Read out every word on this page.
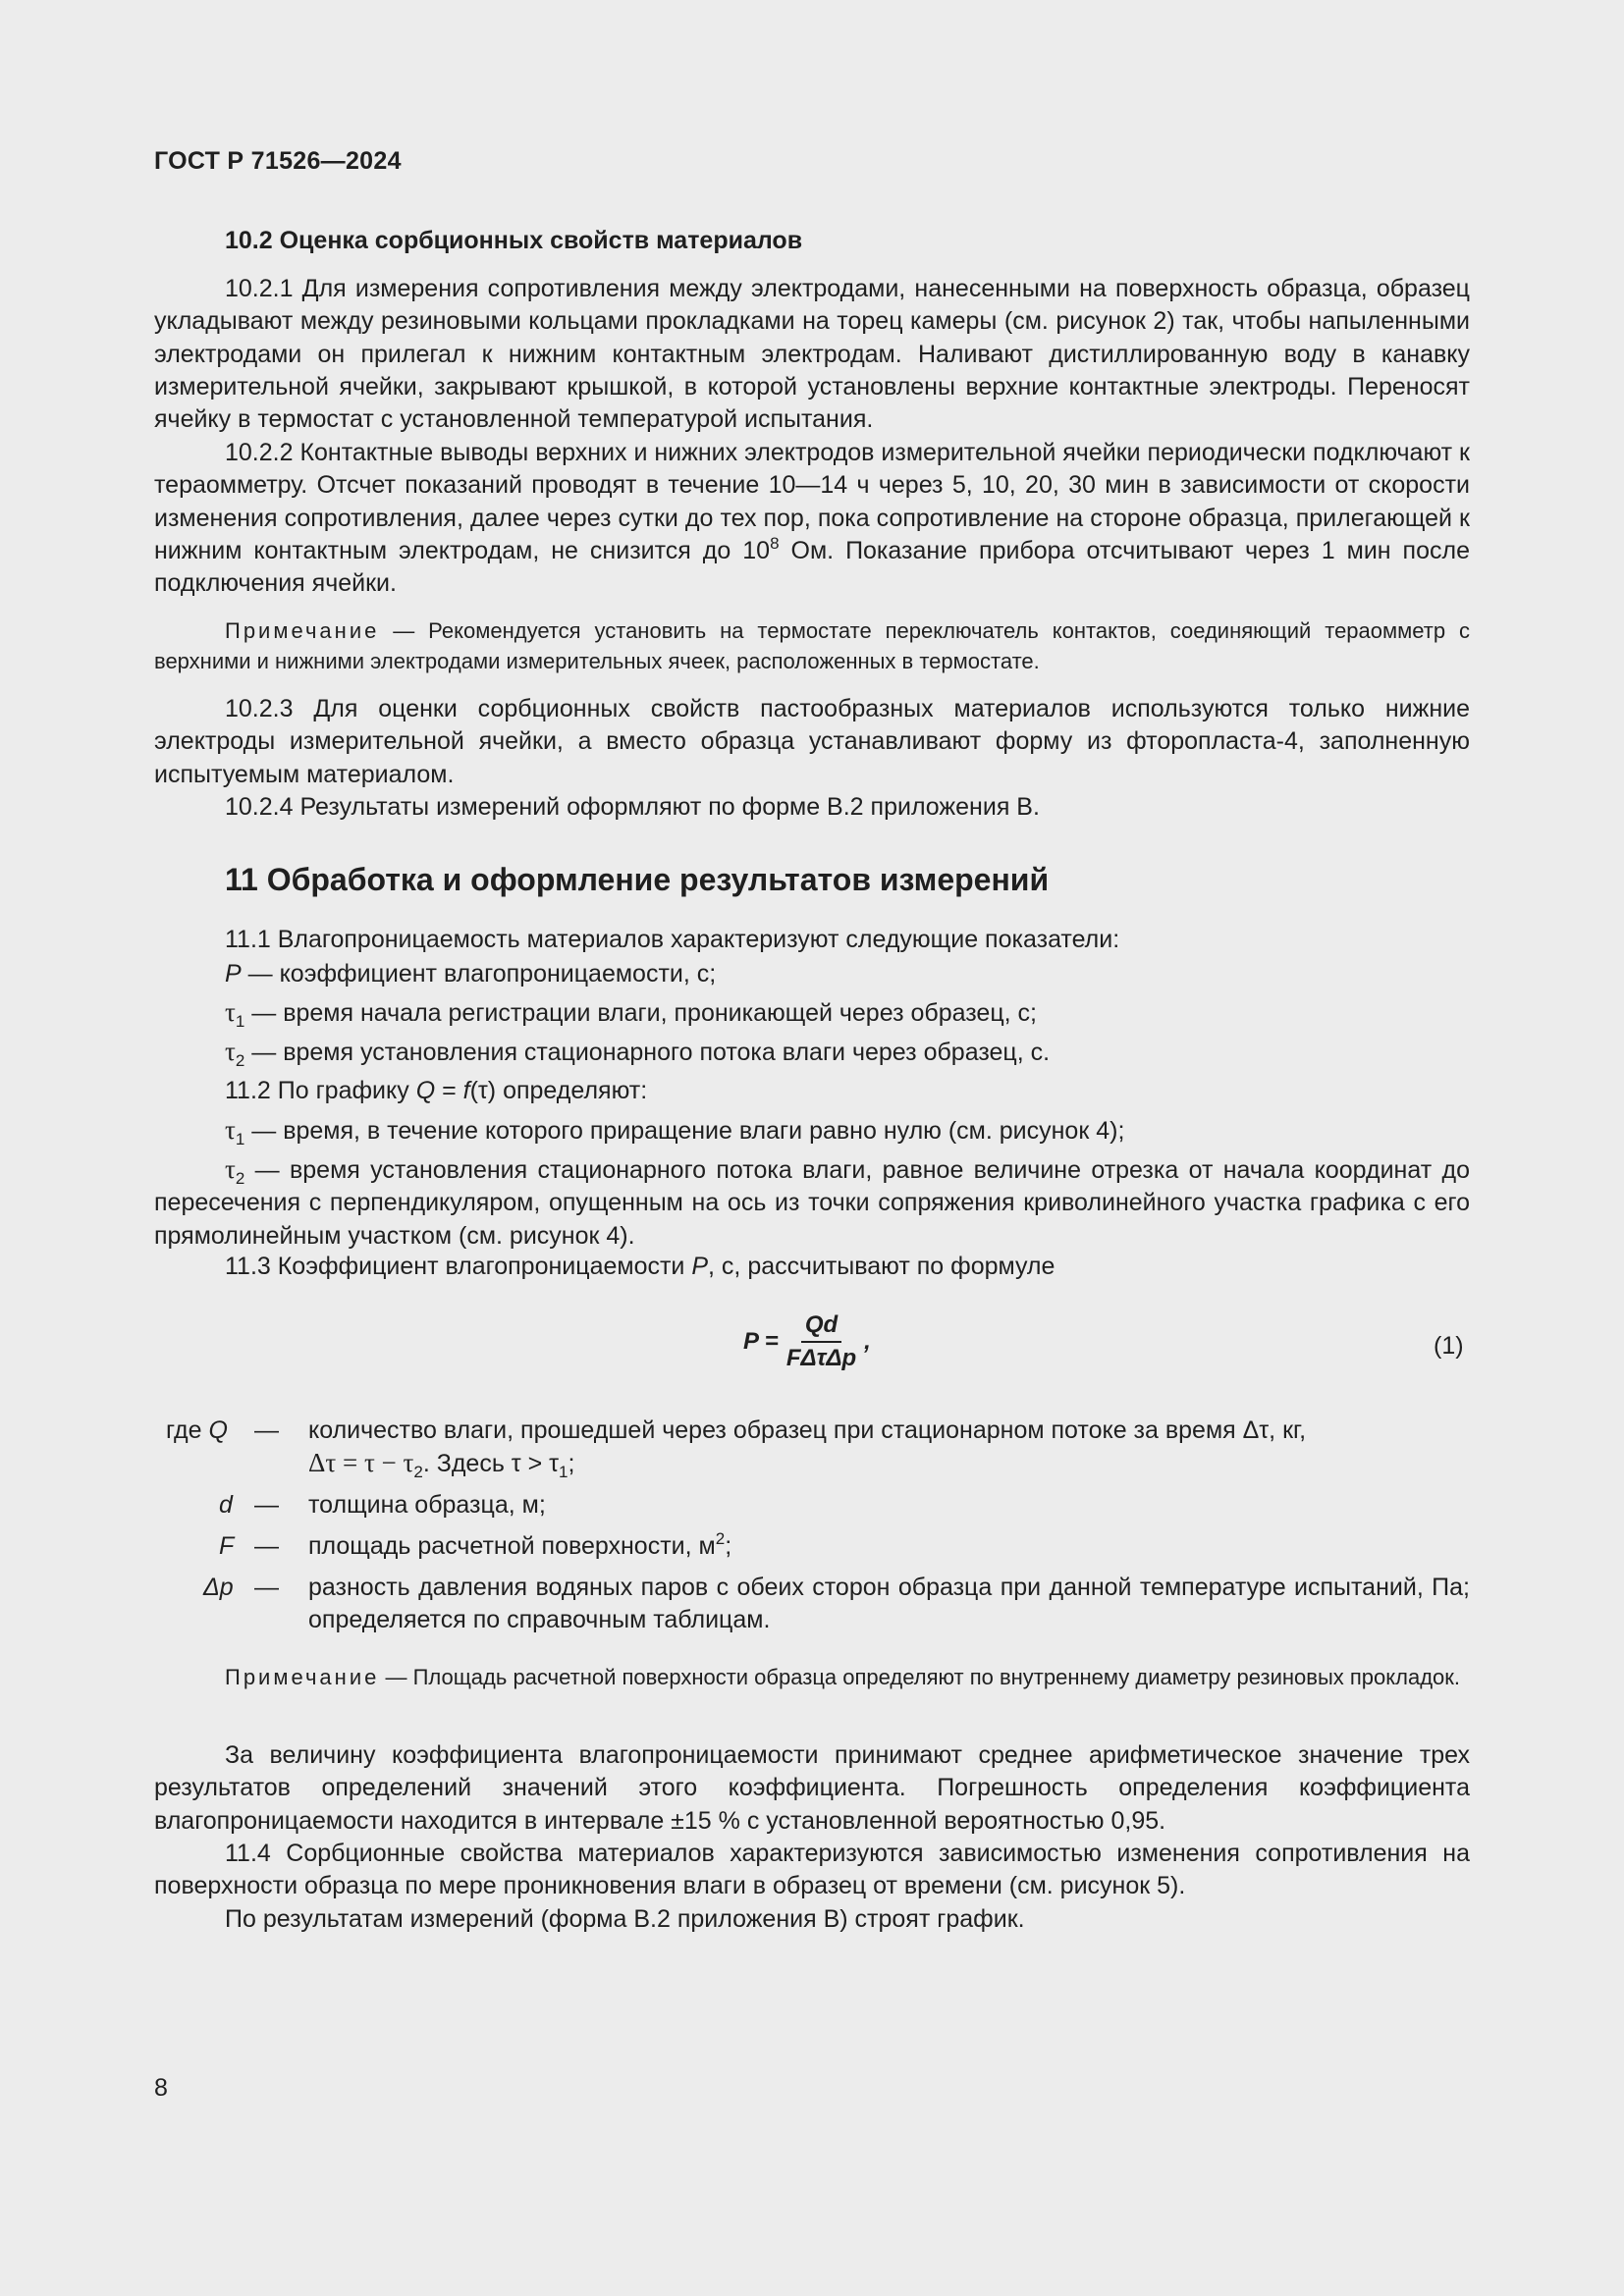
ГОСТ Р 71526—2024
10.2 Оценка сорбционных свойств материалов
10.2.1 Для измерения сопротивления между электродами, нанесенными на поверхность образца, образец укладывают между резиновыми кольцами прокладками на торец камеры (см. рисунок 2) так, чтобы напыленными электродами он прилегал к нижним контактным электродам. Наливают дистиллированную воду в канавку измерительной ячейки, закрывают крышкой, в которой установлены верхние контактные электроды. Переносят ячейку в термостат с установленной температурой испытания.
10.2.2 Контактные выводы верхних и нижних электродов измерительной ячейки периодически подключают к тераомметру. Отсчет показаний проводят в течение 10—14 ч через 5, 10, 20, 30 мин в зависимости от скорости изменения сопротивления, далее через сутки до тех пор, пока сопротивление на стороне образца, прилегающей к нижним контактным электродам, не снизится до $10^8$ Ом. Показание прибора отсчитывают через 1 мин после подключения ячейки.
Примечание — Рекомендуется установить на термостате переключатель контактов, соединяющий тераомметр с верхними и нижними электродами измерительных ячеек, расположенных в термостате.
10.2.3 Для оценки сорбционных свойств пастообразных материалов используются только нижние электроды измерительной ячейки, а вместо образца устанавливают форму из фторопласта-4, заполненную испытуемым материалом.
10.2.4 Результаты измерений оформляют по форме В.2 приложения В.
11 Обработка и оформление результатов измерений
11.1 Влагопроницаемость материалов характеризуют следующие показатели:
P — коэффициент влагопроницаемости, с;
$\tau_1$ — время начала регистрации влаги, проникающей через образец, с;
$\tau_2$ — время установления стационарного потока влаги через образец, с.
11.2 По графику Q = f(τ) определяют:
$\tau_1$ — время, в течение которого приращение влаги равно нулю (см. рисунок 4);
$\tau_2$ — время установления стационарного потока влаги, равное величине отрезка от начала координат до пересечения с перпендикуляром, опущенным на ось из точки сопряжения криволинейного участка графика с его прямолинейным участком (см. рисунок 4).
11.3 Коэффициент влагопроницаемости P, с, рассчитывают по формуле
$P = \frac{Qd}{\text{FΔτΔp}}$ ,	(1)
где Q — количество влаги, прошедшей через образец при стационарном потоке за время Δτ, кг,
$\Delta\tau = \tau - \tau_2$. Здесь $\tau > \tau_1$;
d — толщина образца, м;
F — площадь расчетной поверхности, $м^2$;
Δp — разность давления водяных паров с обеих сторон образца при данной температуре испытаний, Па; определяется по справочным таблицам.
Примечание — Площадь расчетной поверхности образца определяют по внутреннему диаметру резиновых прокладок.
За величину коэффициента влагопроницаемости принимают среднее арифметическое значение трех результатов определений значений этого коэффициента. Погрешность определения коэффициента влагопроницаемости находится в интервале ±15 % с установленной вероятностью 0,95.
11.4 Сорбционные свойства материалов характеризуются зависимостью изменения сопротивления на поверхности образца по мере проникновения влаги в образец от времени (см. рисунок 5).
По результатам измерений (форма В.2 приложения В) строят график.
8
